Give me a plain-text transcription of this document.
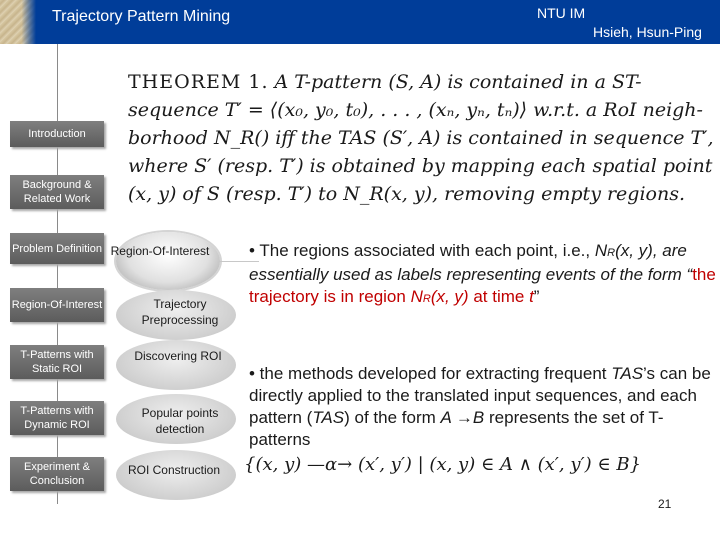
Trajectory Pattern Mining	NTU IM
Hsieh, Hsun-Ping
Introduction
Background & Related Work
Problem Definition
Region-Of-Interest
T-Patterns with Static ROI
T-Patterns with Dynamic ROI
Experiment & Conclusion
THEOREM 1. A T-pattern (S, A) is contained in a ST-
sequence T′ = ⟨(x₀, y₀, t₀), . . . , (xₙ, yₙ, tₙ)⟩ w.r.t. a RoI neigh-
borhood N_R() iff the TAS (S′, A) is contained in sequence T′,
where S′ (resp. T′) is obtained by mapping each spatial point
(x, y) of S (resp. T′) to N_R(x, y), removing empty regions.
Region-Of-Interest
Trajectory Preprocessing
Discovering ROI
Popular points detection
ROI Construction
• The regions associated with each point, i.e., NR(x, y), are essentially used as labels representing events of the form “the trajectory is in region NR(x, y) at time t”
• the methods developed for extracting frequent TAS’s can be directly applied to the translated input sequences, and each pattern (TAS) of the form A →B represents the set of T-patterns
{(x, y) —α→ (x′, y′) | (x, y) ∈ A ∧ (x′, y′) ∈ B}
21
